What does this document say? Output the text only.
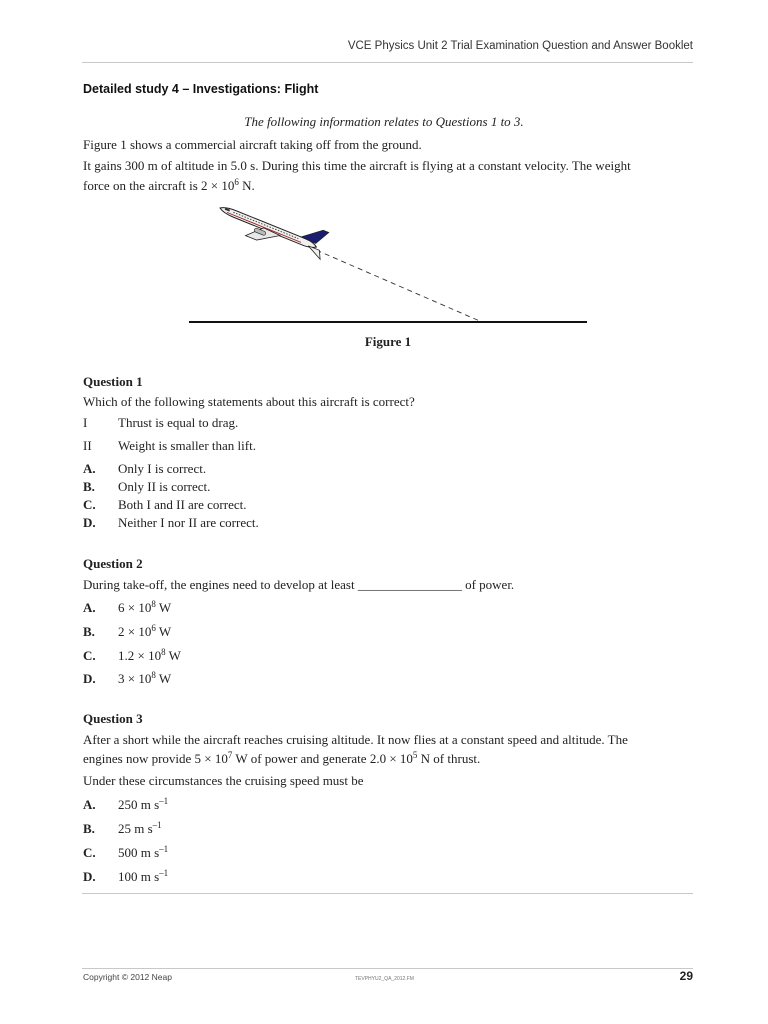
VCE Physics Unit 2 Trial Examination Question and Answer Booklet
Detailed study 4 – Investigations: Flight
The following information relates to Questions 1 to 3.
Figure 1 shows a commercial aircraft taking off from the ground.
It gains 300 m of altitude in 5.0 s. During this time the aircraft is flying at a constant velocity. The weight
force on the aircraft is $2 \times 10^6$ N.
Figure 1
Question 1
Which of the following statements about this aircraft is correct?
I Thrust is equal to drag.
II Weight is smaller than lift.
A. Only I is correct.
B. Only II is correct.
C. Both I and II are correct.
D. Neither I nor II are correct.
Question 2
During take-off, the engines need to develop at least ________________ of power.
A. $6 \times 10^8$ W
B. $2 \times 10^6$ W
C. $1.2 \times 10^8$ W
D. $3 \times 10^8$ W
Question 3
After a short while the aircraft reaches cruising altitude. It now flies at a constant speed and altitude. The
engines now provide $5 \times 10^7$ W of power and generate $2.0 \times 10^5$ N of thrust.
Under these circumstances the cruising speed must be
A. 250 m $s^{-1}$
B. 25 m $s^{-1}$
C. 500 m $s^{-1}$
D. 100 m $s^{-1}$
Copyright © 2012 Neap	TEVPHYU2_QA_2012.FM	29
